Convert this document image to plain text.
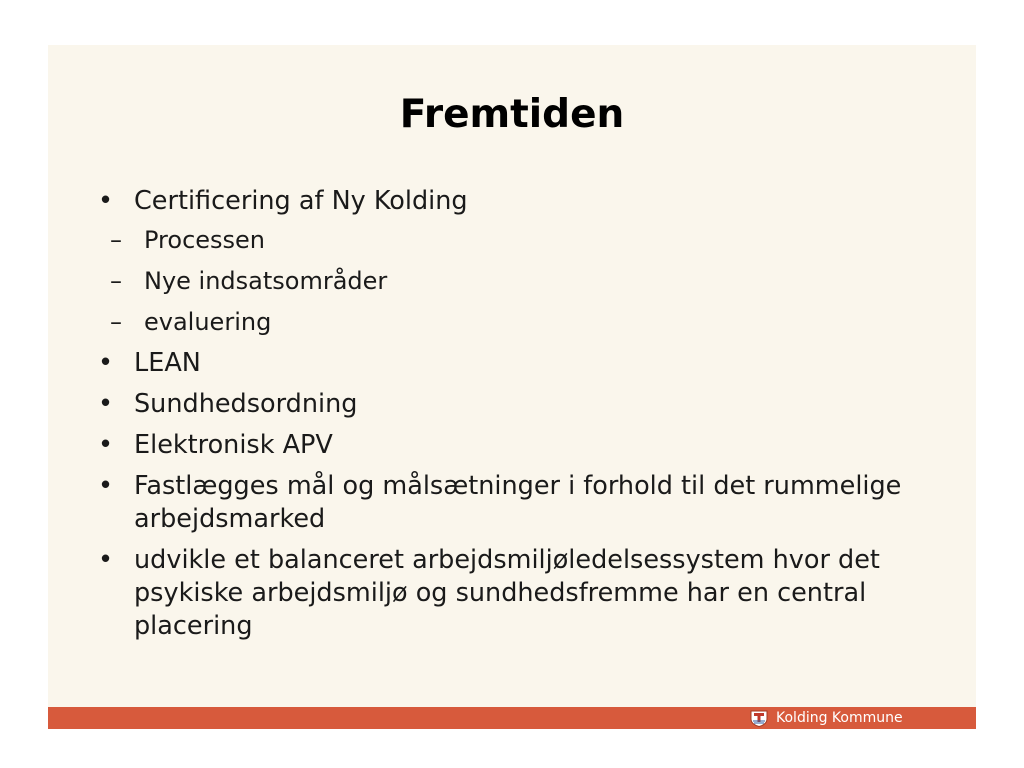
Fremtiden
• Certificering af Ny Kolding
– Processen
– Nye indsatsområder
– evaluering
• LEAN
• Sundhedsordning
• Elektronisk APV
• Fastlægges mål og målsætninger i forhold til det rummelige arbejdsmarked
• udvikle et balanceret arbejdsmiljøledelsessystem hvor det psykiske arbejdsmiljø og sundhedsfremme har en central placering
Kolding Kommune
